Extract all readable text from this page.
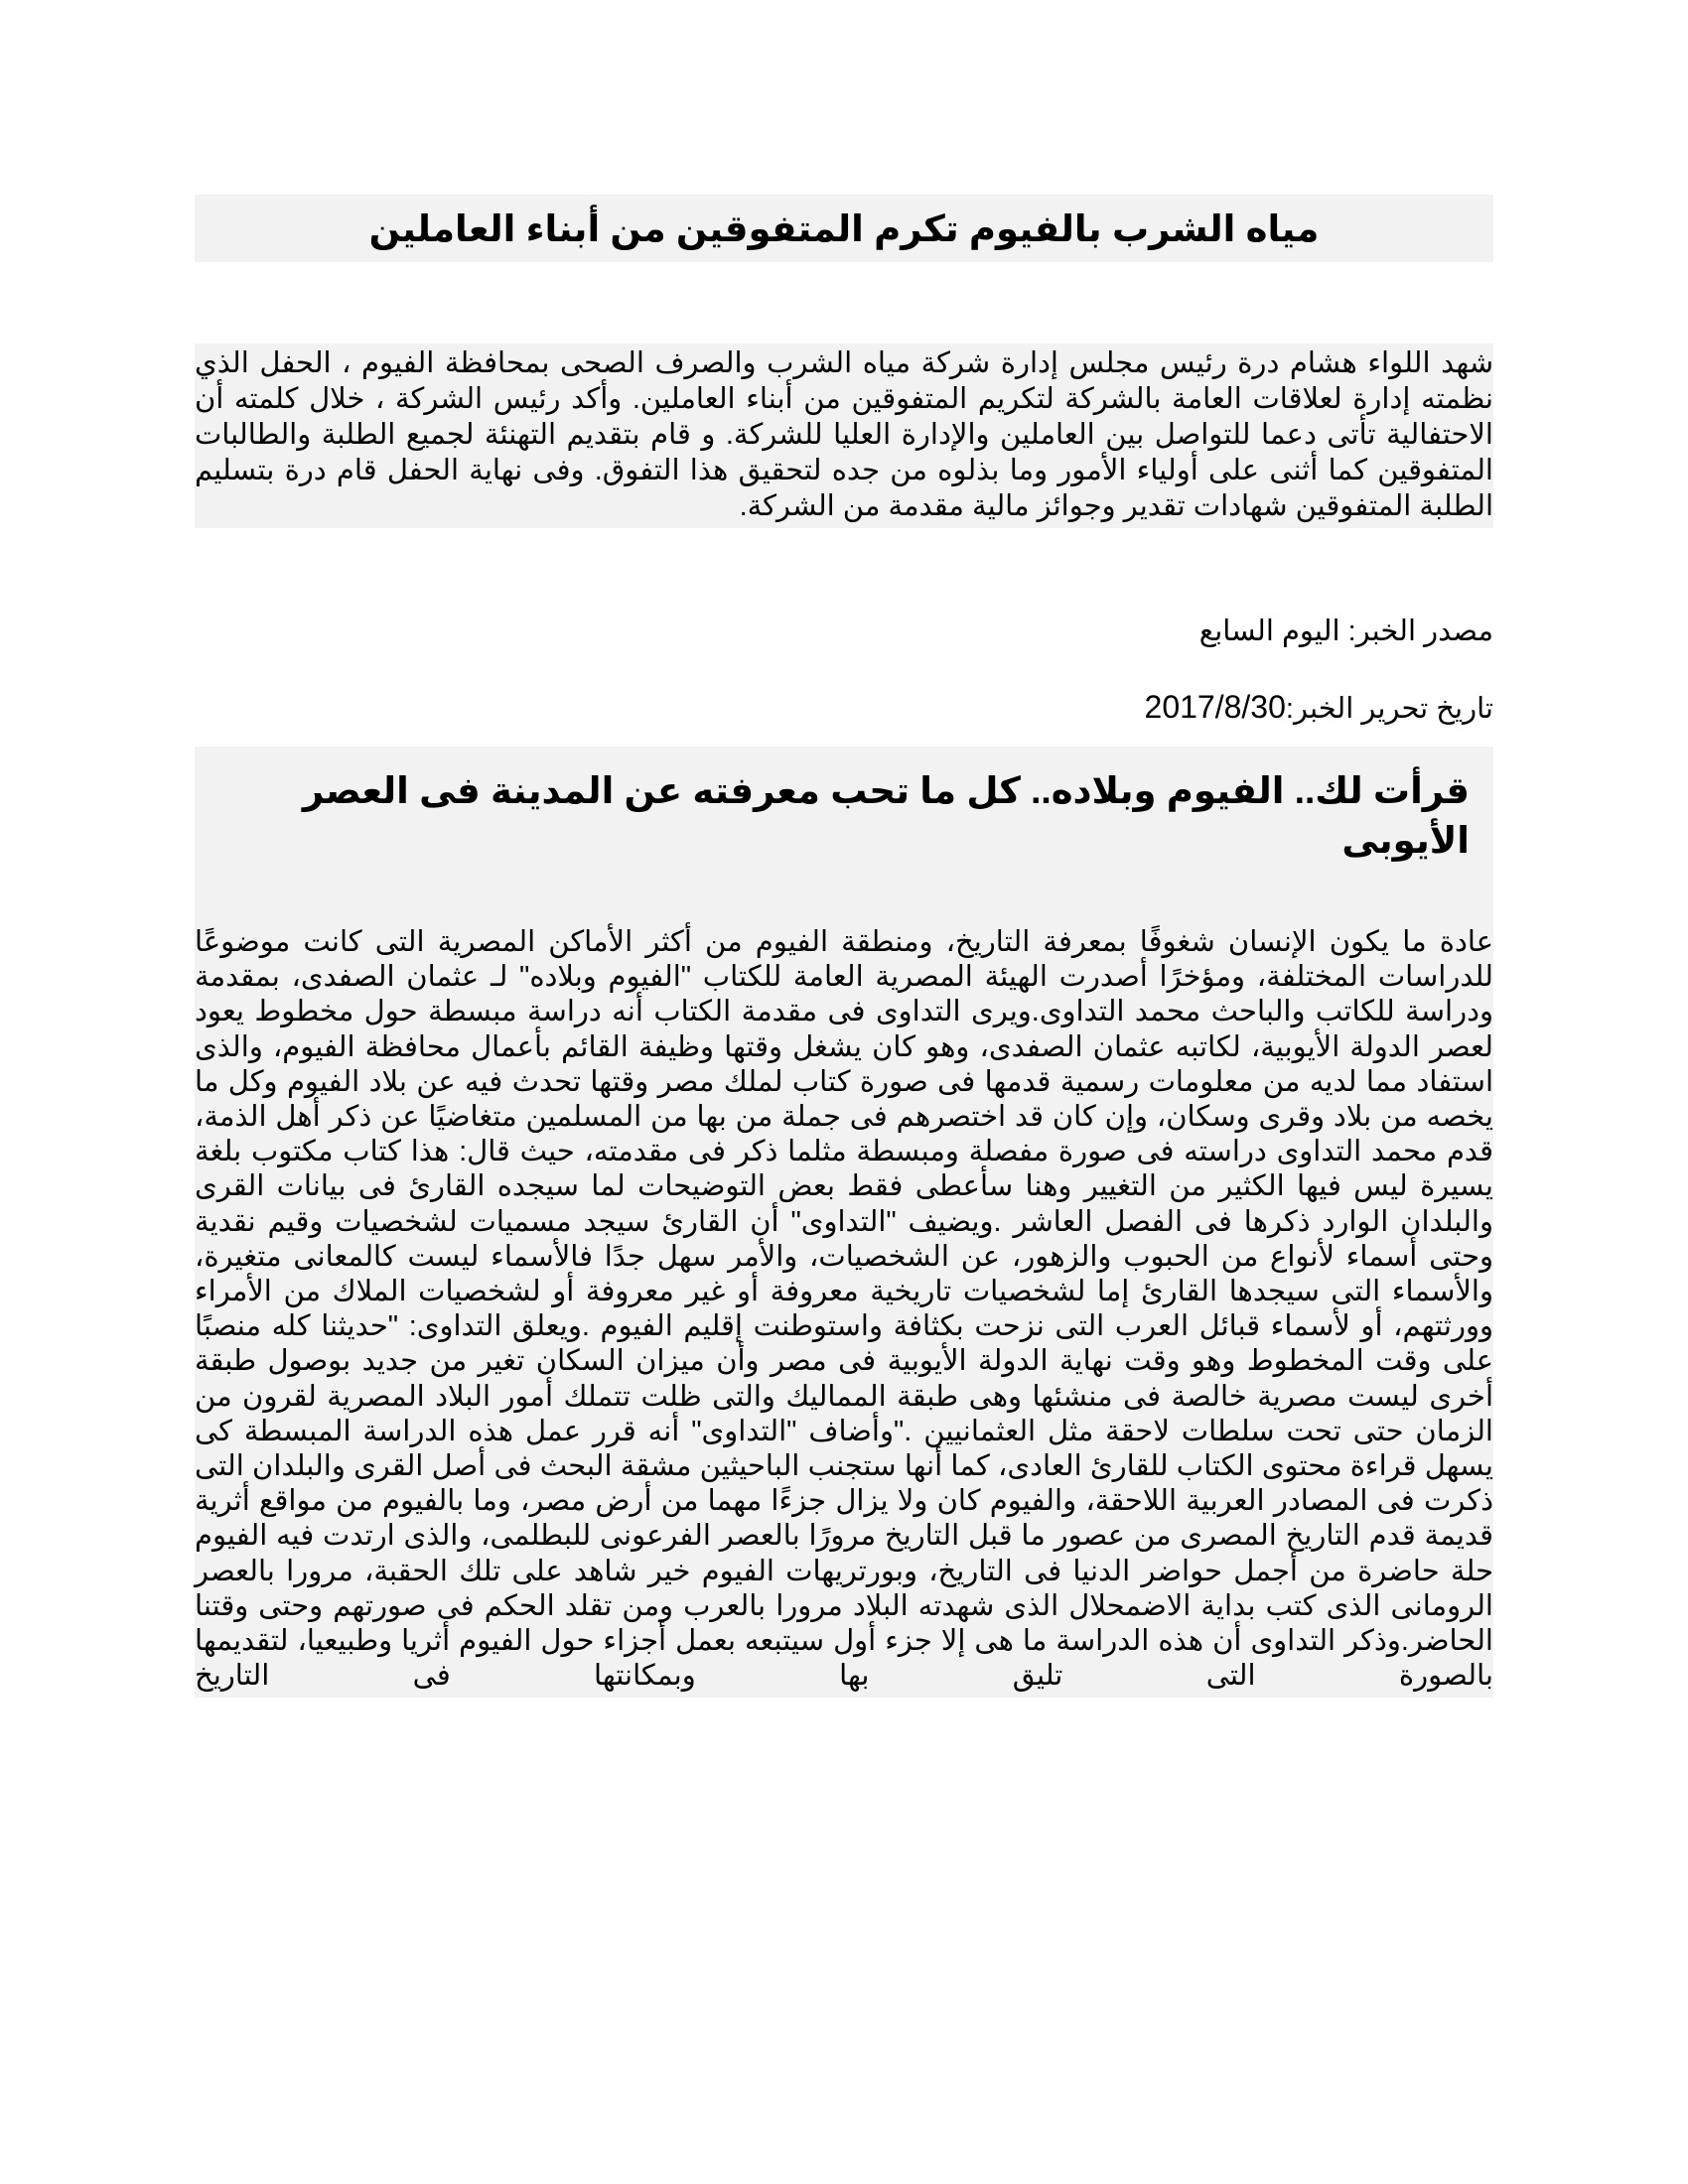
مياه الشرب بالفيوم تكرم المتفوقين من أبناء العاملين
شهد اللواء هشام درة رئيس مجلس إدارة شركة مياه الشرب والصرف الصحى بمحافظة الفيوم ، الحفل الذي نظمته إدارة لعلاقات العامة بالشركة لتكريم المتفوقين من أبناء العاملين. وأكد رئيس الشركة ، خلال كلمته أن الاحتفالية تأتى دعما للتواصل بين العاملين والإدارة العليا للشركة. و قام بتقديم التهنئة لجميع الطلبة والطالبات المتفوقين كما أثنى على أولياء الأمور وما بذلوه من جده لتحقيق هذا التفوق. وفى نهاية الحفل قام درة بتسليم الطلبة المتفوقين شهادات تقدير وجوائز مالية مقدمة من الشركة.
مصدر الخبر: اليوم السابع
تاريخ تحرير الخبر:2017/8/30
قرأت لك.. الفيوم وبلاده.. كل ما تحب معرفته عن المدينة فى العصر الأيوبى
عادة ما يكون الإنسان شغوفًا بمعرفة التاريخ، ومنطقة الفيوم من أكثر الأماكن المصرية التى كانت موضوعًا للدراسات المختلفة، ومؤخرًا أصدرت الهيئة المصرية العامة للكتاب "الفيوم وبلاده" لـ عثمان الصفدى، بمقدمة ودراسة للكاتب والباحث محمد التداوى.ويرى التداوى فى مقدمة الكتاب أنه دراسة مبسطة حول مخطوط يعود لعصر الدولة الأيوبية، لكاتبه عثمان الصفدى، وهو كان يشغل وقتها وظيفة القائم بأعمال محافظة الفيوم، والذى استفاد مما لديه من معلومات رسمية قدمها فى صورة كتاب لملك مصر وقتها تحدث فيه عن بلاد الفيوم وكل ما يخصه من بلاد وقرى وسكان، وإن كان قد اختصرهم فى جملة من بها من المسلمين متغاضيًا عن ذكر أهل الذمة، قدم محمد التداوى دراسته فى صورة مفصلة ومبسطة مثلما ذكر فى مقدمته، حيث قال: هذا كتاب مكتوب بلغة يسيرة ليس فيها الكثير من التغيير وهنا سأعطى فقط بعض التوضيحات لما سيجده القارئ فى بيانات القرى والبلدان الوارد ذكرها فى الفصل العاشر .ويضيف "التداوى" أن القارئ سيجد مسميات لشخصيات وقيم نقدية وحتى أسماء لأنواع من الحبوب والزهور، عن الشخصيات، والأمر سهل جدًا فالأسماء ليست كالمعانى متغيرة، والأسماء التى سيجدها القارئ إما لشخصيات تاريخية معروفة أو غير معروفة أو لشخصيات الملاك من الأمراء وورثتهم، أو لأسماء قبائل العرب التى نزحت بكثافة واستوطنت إقليم الفيوم .ويعلق التداوى: "حديثنا كله منصبًا على وقت المخطوط وهو وقت نهاية الدولة الأيوبية فى مصر وأن ميزان السكان تغير من جديد بوصول طبقة أخرى ليست مصرية خالصة فى منشئها وهى طبقة المماليك والتى ظلت تتملك أمور البلاد المصرية لقرون من الزمان حتى تحت سلطات لاحقة مثل العثمانيين ."وأضاف "التداوى" أنه قرر عمل هذه الدراسة المبسطة كى يسهل قراءة محتوى الكتاب للقارئ العادى، كما أنها ستجنب الباحيثين مشقة البحث فى أصل القرى والبلدان التى ذكرت فى المصادر العربية اللاحقة، والفيوم كان ولا يزال جزءًا مهما من أرض مصر، وما بالفيوم من مواقع أثرية قديمة قدم التاريخ المصرى من عصور ما قبل التاريخ مرورًا بالعصر الفرعونى للبطلمى، والذى ارتدت فيه الفيوم حلة حاضرة من أجمل حواضر الدنيا فى التاريخ، وبورتريهات الفيوم خير شاهد على تلك الحقبة، مرورا بالعصر الرومانى الذى كتب بداية الاضمحلال الذى شهدته البلاد مرورا بالعرب ومن تقلد الحكم فى صورتهم وحتى وقتنا الحاضر.وذكر التداوى أن هذه الدراسة ما هى إلا جزء أول سيتبعه بعمل أجزاء حول الفيوم أثريا وطبيعيا، لتقديمها بالصورة التى تليق بها وبمكانتها فى التاريخ
